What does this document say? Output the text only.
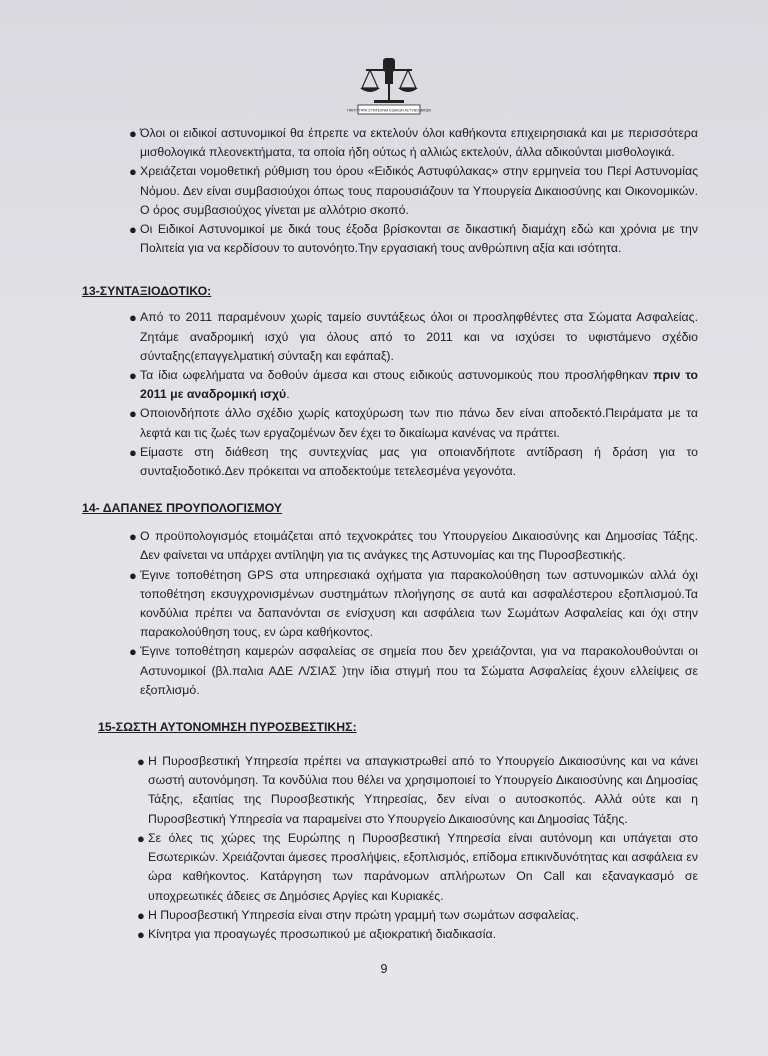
ΠΑΓΚΥΠΡΙΑ ΣΥΝΤΕΧΝΙΑ ΕΙΔΙΚΩΝ ΑΣΤΥΝΟΜΙΚΩΝ
● Όλοι οι ειδικοί αστυνομικοί θα έπρεπε να εκτελούν όλοι καθήκοντα επιχειρησιακά και με περισσότερα μισθολογικά πλεονεκτήματα, τα οποία ήδη ούτως ή αλλιώς εκτελούν, άλλα αδικούνται μισθολογικά.
● Χρειάζεται νομοθετική ρύθμιση του όρου «Ειδικός Αστυφύλακας» στην ερμηνεία του Περί Αστυνομίας Νόμου. Δεν είναι συμβασιούχοι όπως τους παρουσιάζουν τα Υπουργεία Δικαιοσύνης και Οικονομικών. Ο όρος συμβασιούχος γίνεται με αλλότριο σκοπό.
● Οι Ειδικοί Αστυνομικοί με δικά τους έξοδα βρίσκονται σε δικαστική διαμάχη εδώ και χρόνια με την Πολιτεία για να κερδίσουν το αυτονόητο.Την εργασιακή τους ανθρώπινη αξία και ισότητα.

13-ΣΥΝΤΑΞΙΟΔΟΤΙΚΟ:

● Από το 2011 παραμένουν χωρίς ταμείο συντάξεως όλοι οι προσληφθέντες στα Σώματα Ασφαλείας. Ζητάμε αναδρομική ισχύ για όλους από το 2011 και να ισχύσει το υφιστάμενο σχέδιο σύνταξης(επαγγελματική σύνταξη και εφάπαξ).
● Τα ίδια ωφελήματα να δοθούν άμεσα και στους ειδικούς αστυνομικούς που προσλήφθηκαν πριν το 2011 με αναδρομική ισχύ.
● Οποιονδήποτε άλλο σχέδιο χωρίς κατοχύρωση των πιο πάνω δεν είναι αποδεκτό.Πειράματα με τα λεφτά και τις ζωές των εργαζομένων δεν έχει το δικαίωμα κανένας να πράττει.
● Είμαστε στη διάθεση της συντεχνίας μας για οποιανδήποτε αντίδραση ή δράση για το συνταξιοδοτικό.Δεν πρόκειται να αποδεκτούμε τετελεσμένα γεγονότα.

14- ΔΑΠΑΝΕΣ ΠΡΟΥΠΟΛΟΓΙΣΜΟΥ

● Ο προϋπολογισμός ετοιμάζεται από τεχνοκράτες του Υπουργείου Δικαιοσύνης και Δημοσίας Τάξης. Δεν φαίνεται να υπάρχει αντίληψη για τις ανάγκες της Αστυνομίας και της Πυροσβεστικής.
● Έγινε τοποθέτηση GPS στα υπηρεσιακά οχήματα για παρακολούθηση των αστυνομικών αλλά όχι τοποθέτηση εκσυγχρονισμένων συστημάτων πλοήγησης σε αυτά και ασφαλέστερου εξοπλισμού.Τα κονδύλια πρέπει να δαπανόνται σε ενίσχυση και ασφάλεια των Σωμάτων Ασφαλείας και όχι στην παρακολούθηση τους, εν ώρα καθήκοντος.
● Έγινε τοποθέτηση καμερών ασφαλείας σε σημεία που δεν χρειάζονται, για να παρακολουθούνται οι Αστυνομικοί (βλ.παλια ΑΔΕ Λ/ΣΙΑΣ )την ίδια στιγμή που τα Σώματα Ασφαλείας έχουν ελλείψεις σε εξοπλισμό.

15-ΣΩΣΤΗ ΑΥΤΟΝΟΜΗΣΗ ΠΥΡΟΣΒΕΣΤΙΚΗΣ:

● Η Πυροσβεστική Υπηρεσία πρέπει να απαγκιστρωθεί από το Υπουργείο Δικαιοσύνης και να κάνει σωστή αυτονόμηση. Τα κονδύλια που θέλει να χρησιμοποιεί το Υπουργείο Δικαιοσύνης και Δημοσίας Τάξης, εξαιτίας της Πυροσβεστικής Υπηρεσίας, δεν είναι ο αυτοσκοπός. Αλλά ούτε και η Πυροσβεστική Υπηρεσία να παραμείνει στο Υπουργείο Δικαιοσύνης και Δημοσίας Τάξης.
● Σε όλες τις χώρες της Ευρώπης η Πυροσβεστική Υπηρεσία είναι αυτόνομη και υπάγεται στο Εσωτερικών. Χρειάζονται άμεσες προσλήψεις, εξοπλισμός, επίδομα επικινδυνότητας και ασφάλεια εν ώρα καθήκοντος. Κατάργηση των παράνομων απλήρωτων On Call και εξαναγκασμό σε υποχρεωτικές άδειες σε Δημόσιες Αργίες και Κυριακές.
● Η Πυροσβεστική Υπηρεσία είναι στην πρώτη γραμμή των σωμάτων ασφαλείας.
● Κίνητρα για προαγωγές προσωπικού με αξιοκρατική διαδικασία.
9
